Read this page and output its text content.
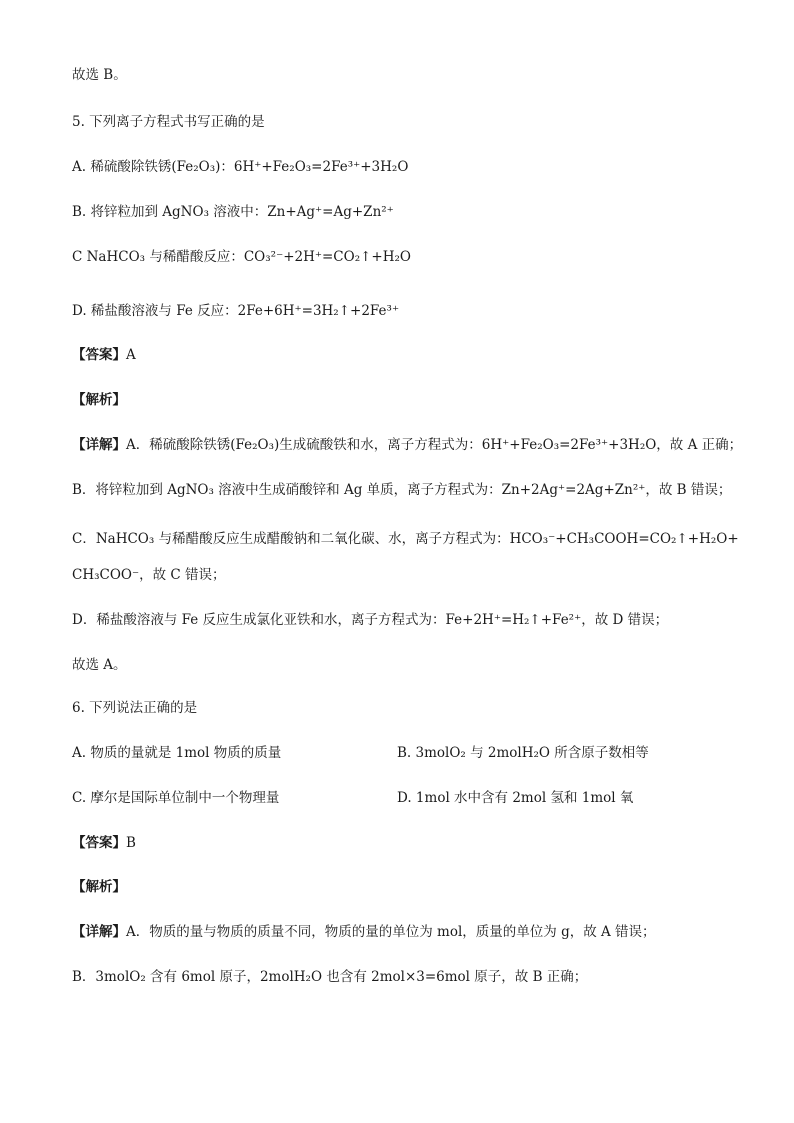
故选 B。
5. 下列离子方程式书写正确的是
A. 稀硫酸除铁锈(Fe₂O₃)：6H⁺+Fe₂O₃=2Fe³⁺+3H₂O
B. 将锌粒加到 AgNO₃ 溶液中：Zn+Ag⁺=Ag+Zn²⁺
C NaHCO₃ 与稀醋酸反应：CO₃²⁻+2H⁺=CO₂↑+H₂O
D. 稀盐酸溶液与 Fe 反应：2Fe+6H⁺=3H₂↑+2Fe³⁺
【答案】A
【解析】
【详解】A．稀硫酸除铁锈(Fe₂O₃)生成硫酸铁和水，离子方程式为：6H⁺+Fe₂O₃=2Fe³⁺+3H₂O，故 A 正确；
B．将锌粒加到 AgNO₃ 溶液中生成硝酸锌和 Ag 单质，离子方程式为：Zn+2Ag⁺=2Ag+Zn²⁺，故 B 错误；
C．NaHCO₃ 与稀醋酸反应生成醋酸钠和二氧化碳、水，离子方程式为：HCO₃⁻+CH₃COOH=CO₂↑+H₂O+
CH₃COO⁻，故 C 错误；
D．稀盐酸溶液与 Fe 反应生成氯化亚铁和水，离子方程式为：Fe+2H⁺=H₂↑+Fe²⁺，故 D 错误；
故选 A。
6. 下列说法正确的是
A. 物质的量就是 1mol 物质的质量	B. 3molO₂ 与 2molH₂O 所含原子数相等
C. 摩尔是国际单位制中一个物理量	D. 1mol 水中含有 2mol 氢和 1mol 氧
【答案】B
【解析】
【详解】A．物质的量与物质的质量不同，物质的量的单位为 mol，质量的单位为 g，故 A 错误；
B．3molO₂ 含有 6mol 原子，2molH₂O 也含有 2mol×3=6mol 原子，故 B 正确；
